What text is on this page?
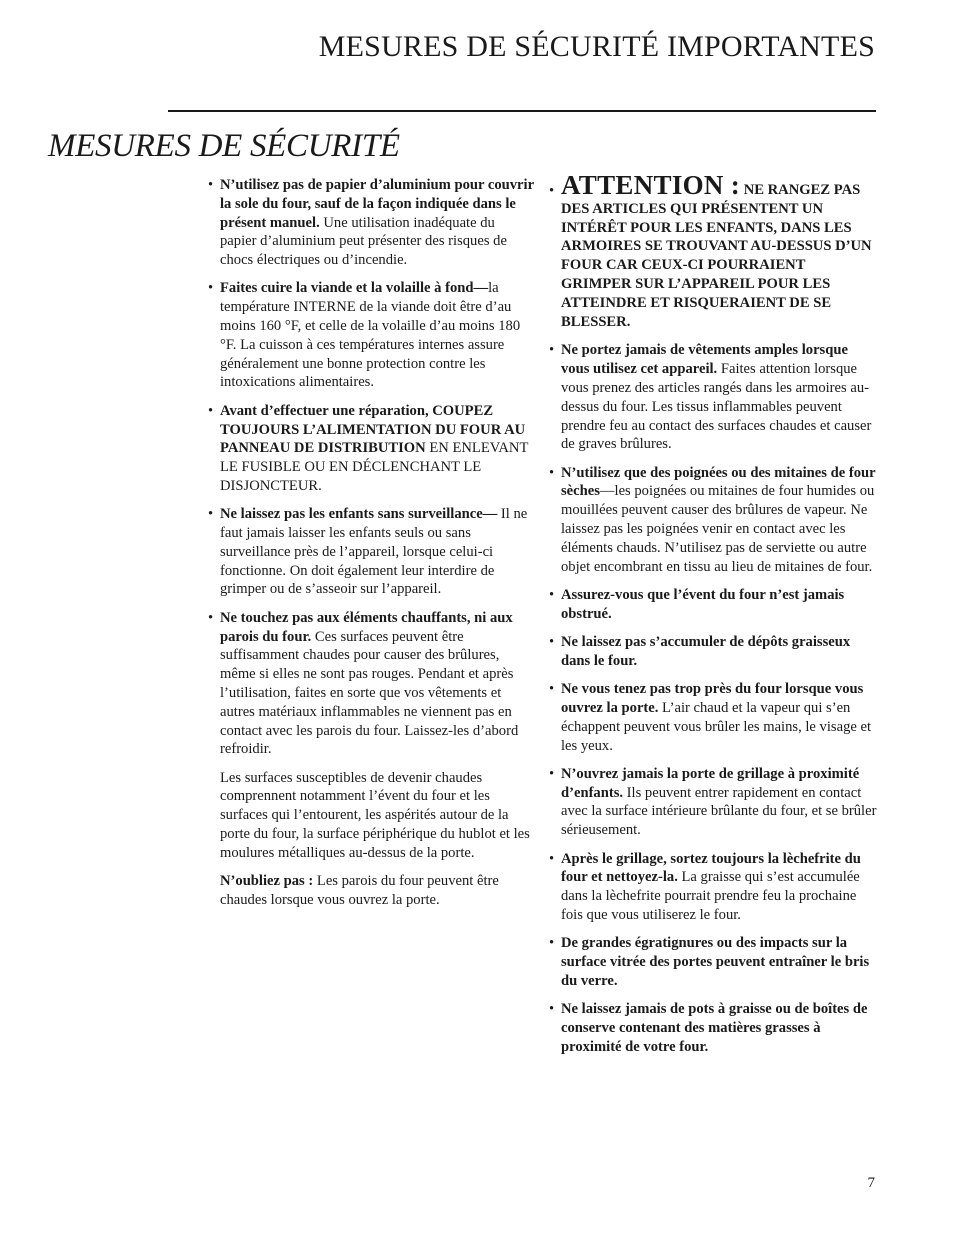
MESURES DE SÉCURITÉ IMPORTANTES
MESURES DE SÉCURITÉ
• N’utilisez pas de papier d’aluminium pour couvrir la sole du four, sauf de la façon indiquée dans le présent manuel. Une utilisation inadéquate du papier d’aluminium peut présenter des risques de chocs électriques ou d’incendie.
• Faites cuire la viande et la volaille à fond—la température INTERNE de la viande doit être d’au moins 160 °F, et celle de la volaille d’au moins 180 °F. La cuisson à ces températures internes assure généralement une bonne protection contre les intoxications alimentaires.
• Avant d’effectuer une réparation, COUPEZ TOUJOURS L’ALIMENTATION DU FOUR AU PANNEAU DE DISTRIBUTION EN ENLEVANT LE FUSIBLE OU EN DÉCLENCHANT LE DISJONCTEUR.
• Ne laissez pas les enfants sans surveillance— Il ne faut jamais laisser les enfants seuls ou sans surveillance près de l’appareil, lorsque celui-ci fonctionne. On doit également leur interdire de grimper ou de s’asseoir sur l’appareil.
• Ne touchez pas aux éléments chauffants, ni aux parois du four. Ces surfaces peuvent être suffisamment chaudes pour causer des brûlures, même si elles ne sont pas rouges. Pendant et après l’utilisation, faites en sorte que vos vêtements et autres matériaux inflammables ne viennent pas en contact avec les parois du four. Laissez-les d’abord refroidir.
Les surfaces susceptibles de devenir chaudes comprennent notamment l’évent du four et les surfaces qui l’entourent, les aspérités autour de la porte du four, la surface périphérique du hublot et les moulures métalliques au-dessus de la porte.
N’oubliez pas : Les parois du four peuvent être chaudes lorsque vous ouvrez la porte.
• ATTENTION : NE RANGEZ PAS DES ARTICLES QUI PRÉSENTENT UN INTÉRÊT POUR LES ENFANTS, DANS LES ARMOIRES SE TROUVANT AU-DESSUS D’UN FOUR CAR CEUX-CI POURRAIENT GRIMPER SUR L’APPAREIL POUR LES ATTEINDRE ET RISQUERAIENT DE SE BLESSER.
• Ne portez jamais de vêtements amples lorsque vous utilisez cet appareil. Faites attention lorsque vous prenez des articles rangés dans les armoires au-dessus du four. Les tissus inflammables peuvent prendre feu au contact des surfaces chaudes et causer de graves brûlures.
• N’utilisez que des poignées ou des mitaines de four sèches—les poignées ou mitaines de four humides ou mouillées peuvent causer des brûlures de vapeur. Ne laissez pas les poignées venir en contact avec les éléments chauds. N’utilisez pas de serviette ou autre objet encombrant en tissu au lieu de mitaines de four.
• Assurez-vous que l’évent du four n’est jamais obstrué.
• Ne laissez pas s’accumuler de dépôts graisseux dans le four.
• Ne vous tenez pas trop près du four lorsque vous ouvrez la porte. L’air chaud et la vapeur qui s’en échappent peuvent vous brûler les mains, le visage et les yeux.
• N’ouvrez jamais la porte de grillage à proximité d’enfants. Ils peuvent entrer rapidement en contact avec la surface intérieure brûlante du four, et se brûler sérieusement.
• Après le grillage, sortez toujours la lèchefrite du four et nettoyez-la. La graisse qui s’est accumulée dans la lèchefrite pourrait prendre feu la prochaine fois que vous utiliserez le four.
• De grandes égratignures ou des impacts sur la surface vitrée des portes peuvent entraîner le bris du verre.
• Ne laissez jamais de pots à graisse ou de boîtes de conserve contenant des matières grasses à proximité de votre four.
7
